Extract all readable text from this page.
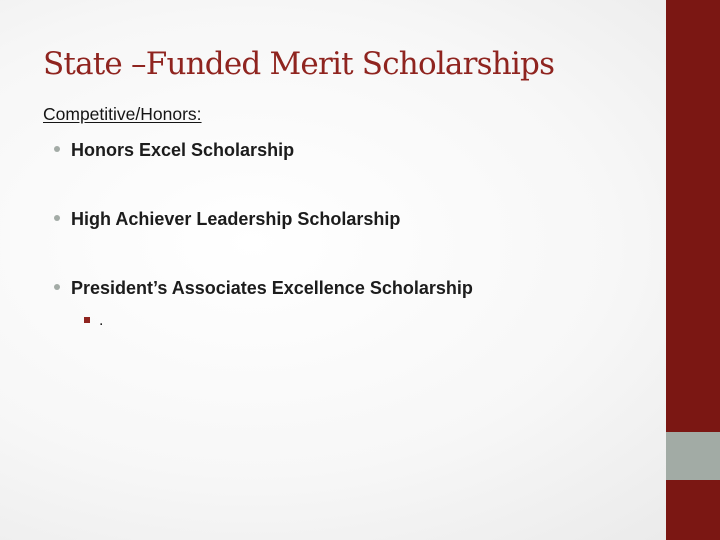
State –Funded Merit Scholarships
Competitive/Honors:
Honors Excel Scholarship
High Achiever Leadership Scholarship
President’s Associates Excellence Scholarship
.
